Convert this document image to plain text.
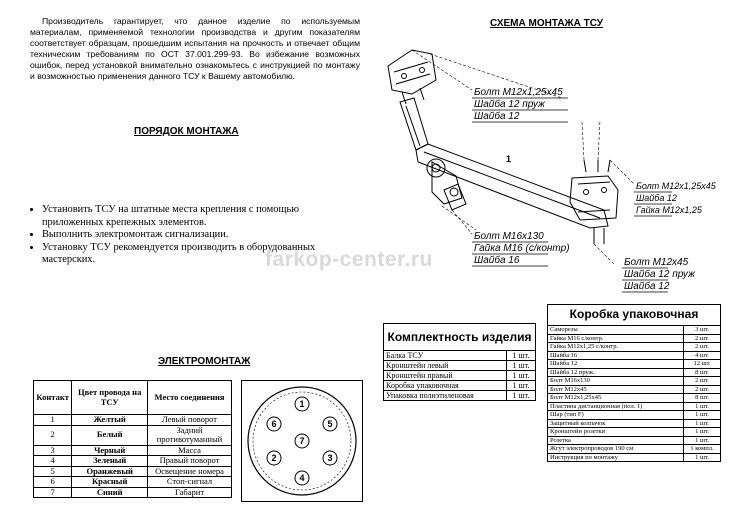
Производитель гарантирует, что данное изделие по используемым материалам, применяемой технологии производства и другим показателям соответствует образцам, прошедшим испытания на прочность и отвечает общим техническим требованиям по ОСТ 37.001.299-93. Во избежание возможных ошибок, перед установкой внимательно ознакомьтесь с инструкцией по монтажу и возможностью применения данного ТСУ к Вашему автомобилю.
СХЕМА МОНТАЖА ТСУ
ПОРЯДОК МОНТАЖА
• Установить ТСУ на штатные места крепления с помощью приложенных крепежных элементов.
• Выполнить электромонтаж сигнализации.
• Установку ТСУ рекомендуется производить в оборудованных мастерских.	farkop-center.ru
1
Болт М12х1,25х45
Шайба 12 пруж
Шайба 12
Болт М12х1,25х45
Шайба 12
Гайка М12х1,25
Болт М16х130
Гайка М16 (с/контр)
Шайба 16	Болт М12х45
Шайба 12 пруж
Шайба 12
ЭЛЕКТРОМОНТАЖ
Контакт	Цвет провода на ТСУ	Место соединения
1	Желтый	Левый поворот
2	Белый	Задний противотуманный
3	Черный	Масса
4	Зеленый	Правый поворот
5	Оранжевый	Освещение номера
6	Красный	Стоп-сигнал
7	Синий	Габарит
1
2	3
4
5
6
7
Комплектность изделия	
Балка ТСУ	1 шт.
Кронштейн левый	1 шт.
Кронштейн правый	1 шт.
Коробка упаковочная	1 шт.
Упаковка полиэтиленовая	1 шт.
Коробка упаковочная	
Саморезы	3 шт.
Гайка М16 с/контр.	2 шт.
Гайка М12х1,25 с/контр.	2 шт.
Шайба 16	4 шт.
Шайба 12	12 шт.
Шайба 12 пруж.	8 шт.
Болт М16х130	2 шт.
Болт М12х45	2 шт.
Болт М12х1,25х45	8 шт.
Пластина дистанционная (пол. 1)	1 шт.
Шар (тип F)	1 шт.
Защитный колпачок	1 шт.
Кронштейн розетки	1 шт.
Розетка	1 шт.
Жгут электропроводов 190 см	1 компл.
Инструкция по монтажу	1 шт.
